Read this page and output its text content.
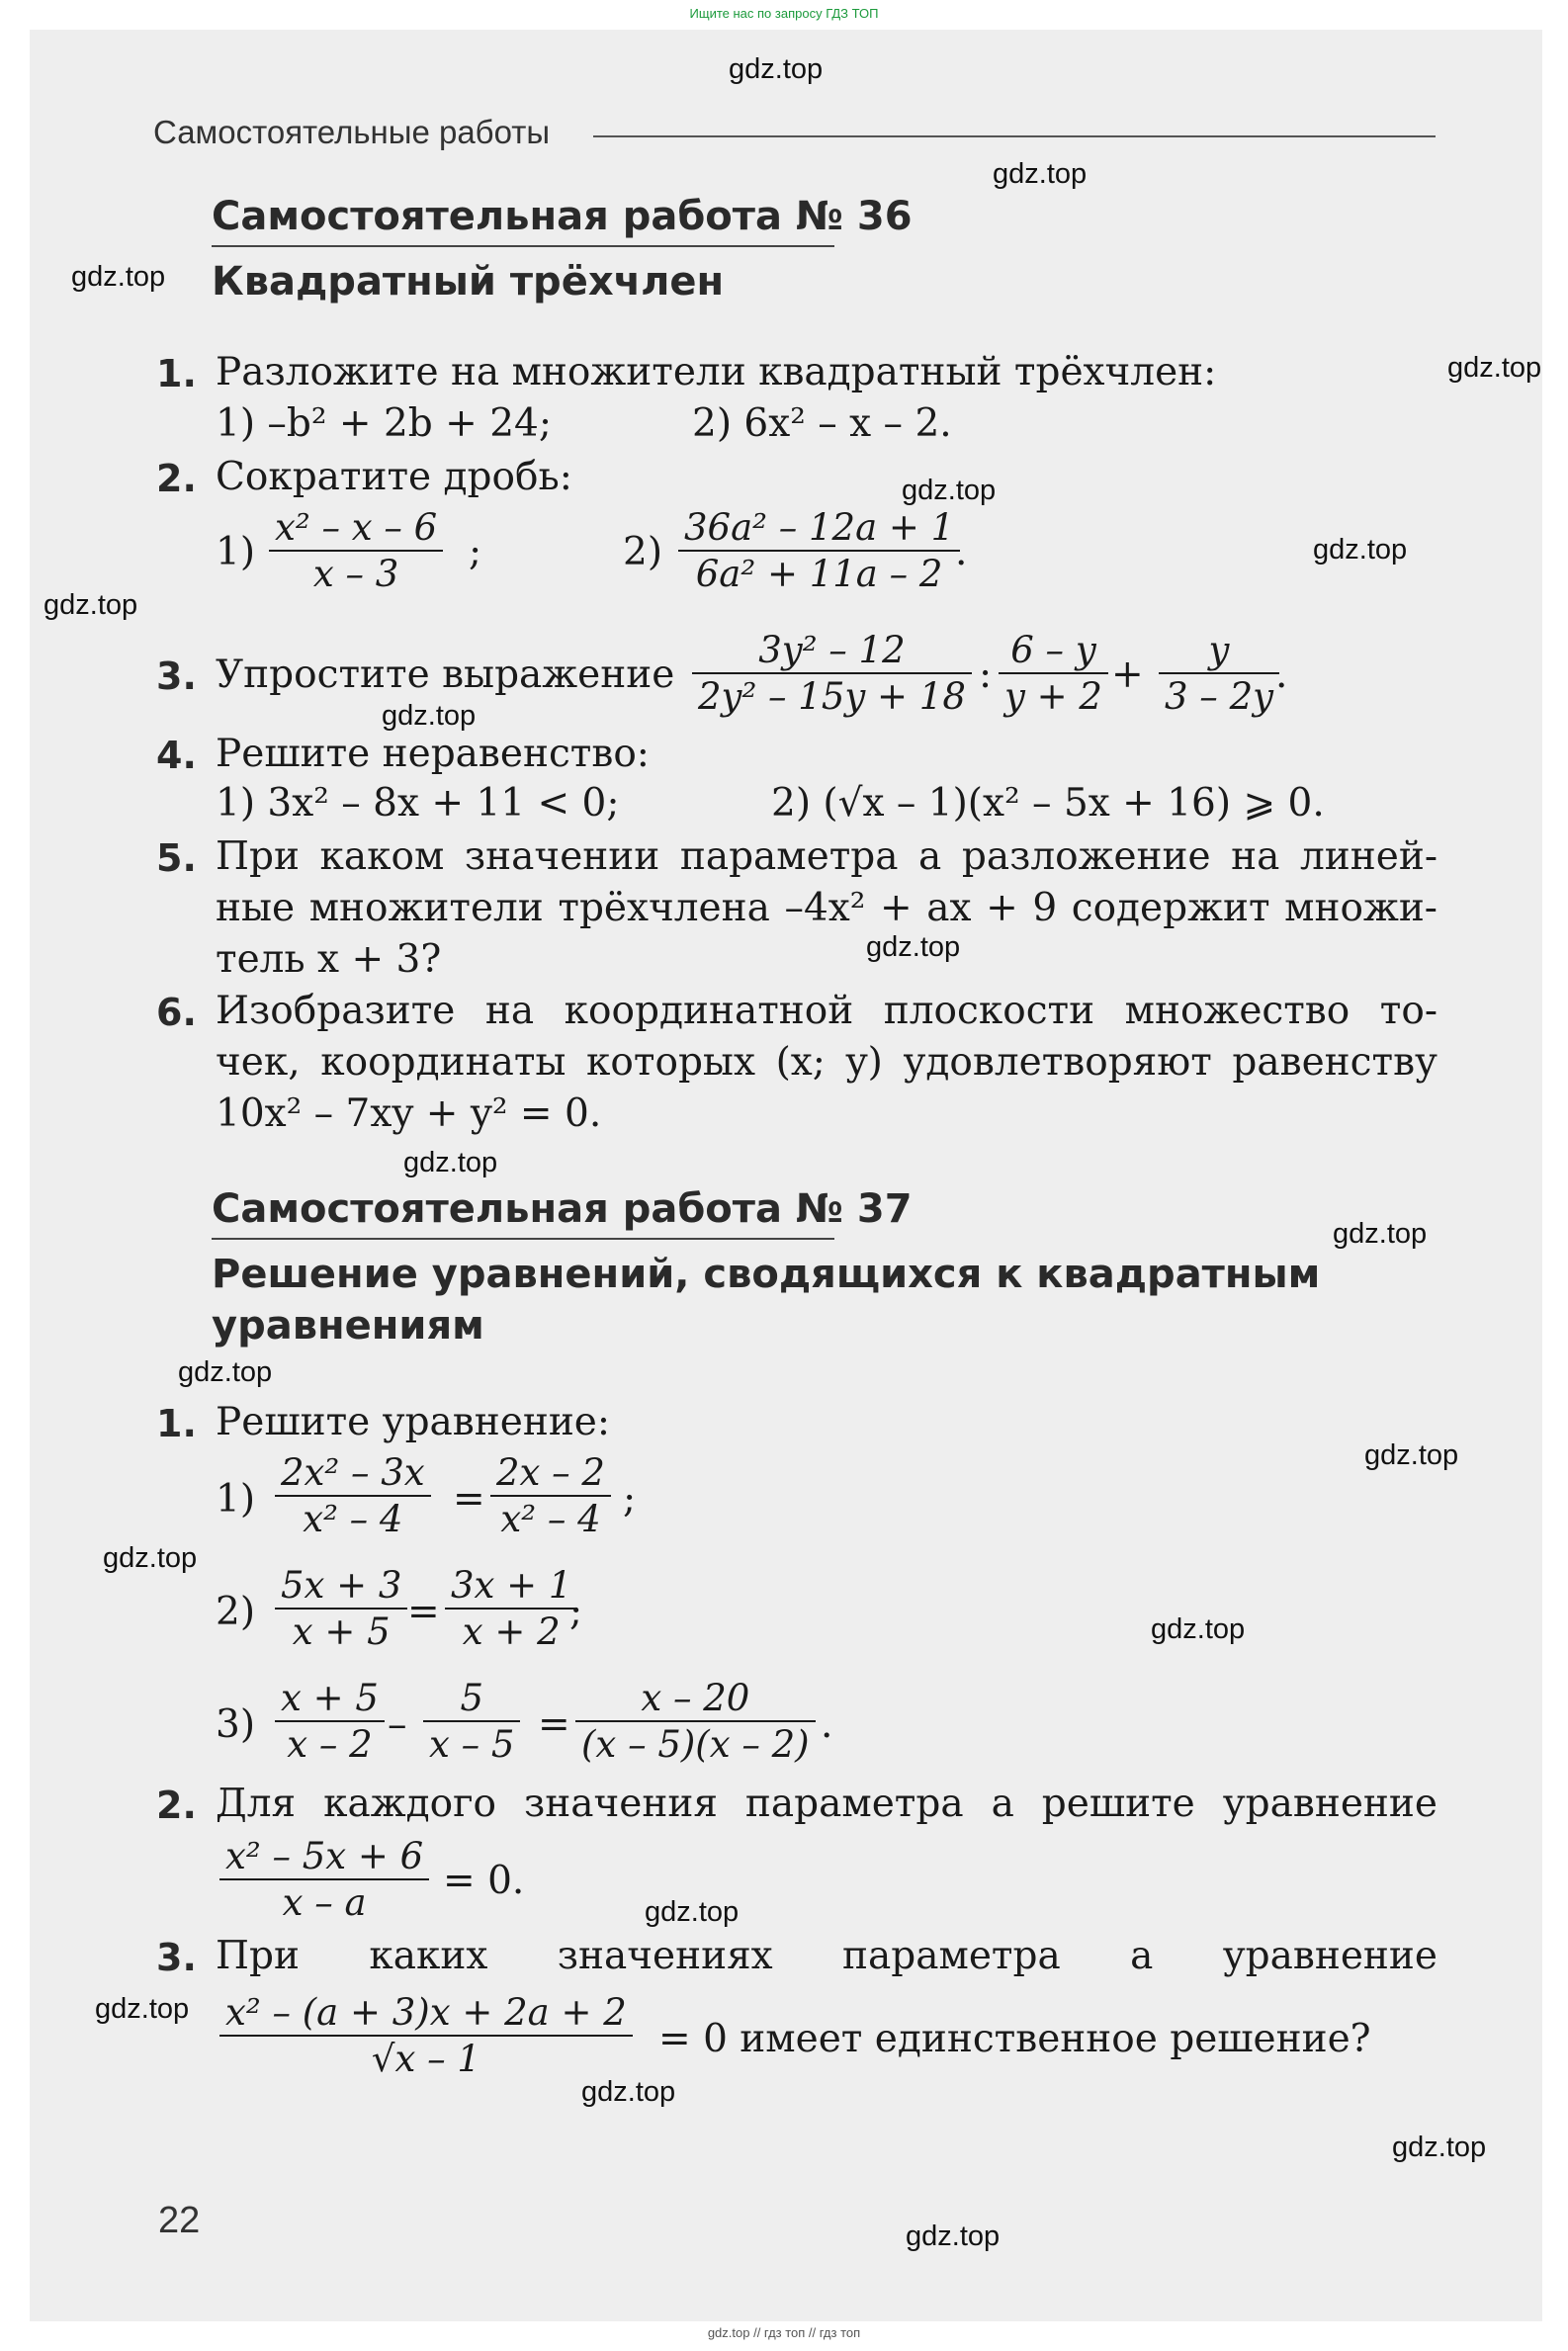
Ищите нас по запросу ГДЗ ТОП
Самостоятельные работы
Самостоятельная работа № 36
Квадратный трёхчлен
1. Разложите на множители квадратный трёхчлен:
1) –b² + 2b + 24;	2) 6x² – x – 2.
2. Сократите дробь:
1)
x² – x – 6
x – 3 ;	2)
36a² – 12a + 1
6a² + 11a – 2 .
3. Упростите выражение
3y² – 12
2y² – 15y + 18 :
6 – y
y + 2 +
y
3 – 2y .
4. Решите неравенство:
1) 3x² – 8x + 11 < 0;	2) (√x – 1)(x² – 5x + 16) ⩾ 0.
5. При каком значении параметра a разложение на линей-
ные множители трёхчлена –4x² + ax + 9 содержит множи-
тель x + 3?
6. Изобразите на координатной плоскости множество то-
чек, координаты которых (x; y) удовлетворяют равенству
10x² – 7xy + y² = 0.
Самостоятельная работа № 37
Решение уравнений, сводящихся к квадратным
уравнениям
1. Решите уравнение:
1)
2x² – 3x
x² – 4 =
2x – 2
x² – 4 ;
2)
5x + 3
x + 5 =
3x + 1
x + 2 ;
3)
x + 5
x – 2 –
5
x – 5 =
x – 20
(x – 5)(x – 2) .
2. Для каждого значения параметра a решите уравнение
x² – 5x + 6
x – a = 0.
3. При каких значениях параметра a уравнение
x² – (a + 3)x + 2a + 2
√x – 1	= 0 имеет единственное решение?
22
gdz.top
gdz.top
gdz.top
gdz.top
gdz.top
gdz.top
gdz.top
gdz.top
gdz.top
gdz.top
gdz.top
gdz.top
gdz.top
gdz.top
gdz.top
gdz.top
gdz.top
gdz.top
gdz.top
gdz.top
gdz.top // гдз топ // гдз топ
